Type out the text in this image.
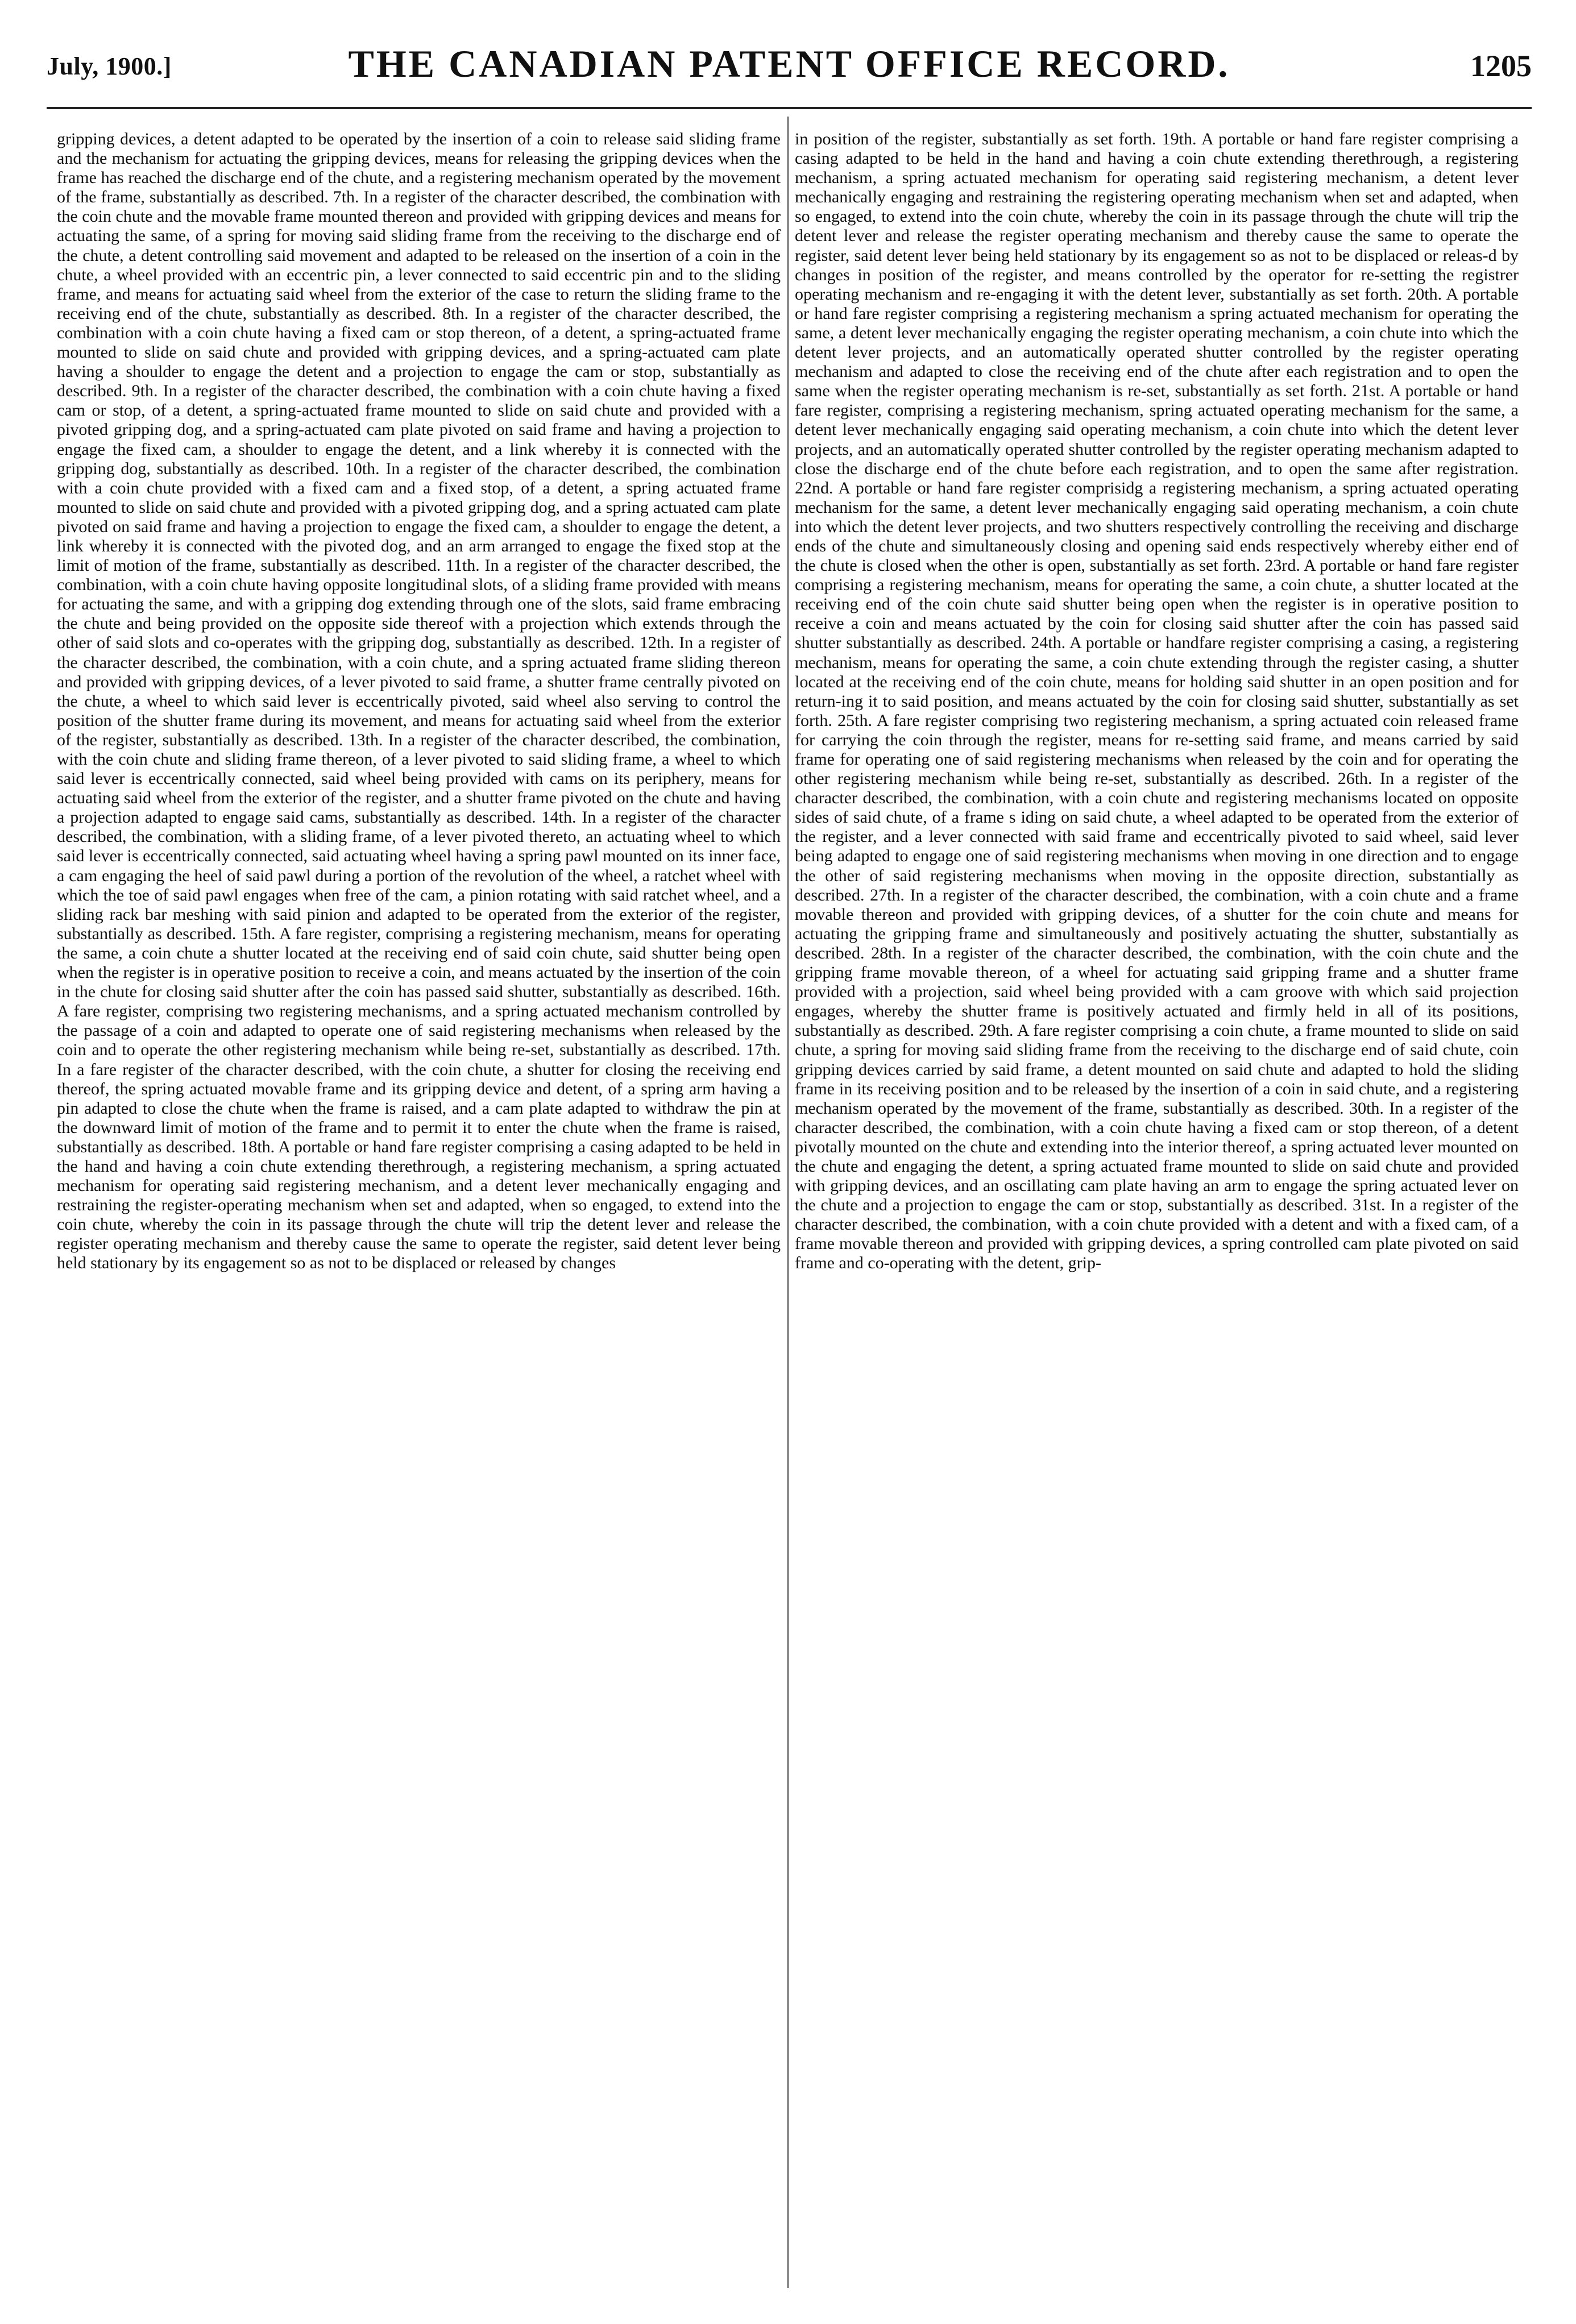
July, 1900.]	THE CANADIAN PATENT OFFICE RECORD.	1205

gripping devices, a detent adapted to be operated by the insertion of a coin to release said sliding frame and the mechanism for actuating the gripping devices, means for releasing the gripping devices when the frame has reached the discharge end of the chute, and a registering mechanism operated by the movement of the frame, substantially as described. 7th. In a register of the character described, the combination with the coin chute and the movable frame mounted thereon and provided with gripping devices and means for actuating the same, of a spring for moving said sliding frame from the receiving to the discharge end of the chute, a detent controlling said movement and adapted to be released on the insertion of a coin in the chute, a wheel provided with an eccentric pin, a lever connected to said eccentric pin and to the sliding frame, and means for actuating said wheel from the exterior of the case to return the sliding frame to the receiving end of the chute, substantially as described. 8th. In a register of the character described, the combination with a coin chute having a fixed cam or stop thereon, of a detent, a spring-actuated frame mounted to slide on said chute and provided with gripping devices, and a spring-actuated cam plate having a shoulder to engage the detent and a projection to engage the cam or stop, substantially as described. 9th. In a register of the character described, the combination with a coin chute having a fixed cam or stop, of a detent, a spring-actuated frame mounted to slide on said chute and provided with a pivoted gripping dog, and a spring-actuated cam plate pivoted on said frame and having a projection to engage the fixed cam, a shoulder to engage the detent, and a link whereby it is connected with the gripping dog, substantially as described. 10th. In a register of the character described, the combination with a coin chute provided with a fixed cam and a fixed stop, of a detent, a spring actuated frame mounted to slide on said chute and provided with a pivoted gripping dog, and a spring actuated cam plate pivoted on said frame and having a projection to engage the fixed cam, a shoulder to engage the detent, a link whereby it is connected with the pivoted dog, and an arm arranged to engage the fixed stop at the limit of motion of the frame, substantially as described. 11th. In a register of the character described, the combination, with a coin chute having opposite longitudinal slots, of a sliding frame provided with means for actuating the same, and with a gripping dog extending through one of the slots, said frame embracing the chute and being provided on the opposite side thereof with a projection which extends through the other of said slots and co-operates with the gripping dog, substantially as described. 12th. In a register of the character described, the combination, with a coin chute, and a spring actuated frame sliding thereon and provided with gripping devices, of a lever pivoted to said frame, a shutter frame centrally pivoted on the chute, a wheel to which said lever is eccentrically pivoted, said wheel also serving to control the position of the shutter frame during its movement, and means for actuating said wheel from the exterior of the register, substantially as described. 13th. In a register of the character described, the combination, with the coin chute and sliding frame thereon, of a lever pivoted to said sliding frame, a wheel to which said lever is eccentrically connected, said wheel being provided with cams on its periphery, means for actuating said wheel from the exterior of the register, and a shutter frame pivoted on the chute and having a projection adapted to engage said cams, substantially as described. 14th. In a register of the character described, the combination, with a sliding frame, of a lever pivoted thereto, an actuating wheel to which said lever is eccentrically connected, said actuating wheel having a spring pawl mounted on its inner face, a cam engaging the heel of said pawl during a portion of the revolution of the wheel, a ratchet wheel with which the toe of said pawl engages when free of the cam, a pinion rotating with said ratchet wheel, and a sliding rack bar meshing with said pinion and adapted to be operated from the exterior of the register, substantially as described. 15th. A fare register, comprising a registering mechanism, means for operating the same, a coin chute a shutter located at the receiving end of said coin chute, said shutter being open when the register is in operative position to receive a coin, and means actuated by the insertion of the coin in the chute for closing said shutter after the coin has passed said shutter, substantially as described. 16th. A fare register, comprising two registering mechanisms, and a spring actuated mechanism controlled by the passage of a coin and adapted to operate one of said registering mechanisms when released by the coin and to operate the other registering mechanism while being re-set, substantially as described. 17th. In a fare register of the character described, with the coin chute, a shutter for closing the receiving end thereof, the spring actuated movable frame and its gripping device and detent, of a spring arm having a pin adapted to close the chute when the frame is raised, and a cam plate adapted to withdraw the pin at the downward limit of motion of the frame and to permit it to enter the chute when the frame is raised, substantially as described. 18th. A portable or hand fare register comprising a casing adapted to be held in the hand and having a coin chute extending therethrough, a registering mechanism, a spring actuated mechanism for operating said registering mechanism, and a detent lever mechanically engaging and restraining the register-operating mechanism when set and adapted, when so engaged, to extend into the coin chute, whereby the coin in its passage through the chute will trip the detent lever and release the register operating mechanism and thereby cause the same to operate the register, said detent lever being held stationary by its engagement so as not to be displaced or released by changes

in position of the register, substantially as set forth. 19th. A portable or hand fare register comprising a casing adapted to be held in the hand and having a coin chute extending therethrough, a registering mechanism, a spring actuated mechanism for operating said registering mechanism, a detent lever mechanically engaging and restraining the registering operating mechanism when set and adapted, when so engaged, to extend into the coin chute, whereby the coin in its passage through the chute will trip the detent lever and release the register operating mechanism and thereby cause the same to operate the register, said detent lever being held stationary by its engagement so as not to be displaced or releas-d by changes in position of the register, and means controlled by the operator for re-setting the registrer operating mechanism and re-engaging it with the detent lever, substantially as set forth. 20th. A portable or hand fare register comprising a registering mechanism a spring actuated mechanism for operating the same, a detent lever mechanically engaging the register operating mechanism, a coin chute into which the detent lever projects, and an automatically operated shutter controlled by the register operating mechanism and adapted to close the receiving end of the chute after each registration and to open the same when the register operating mechanism is re-set, substantially as set forth. 21st. A portable or hand fare register, comprising a registering mechanism, spring actuated operating mechanism for the same, a detent lever mechanically engaging said operating mechanism, a coin chute into which the detent lever projects, and an automatically operated shutter controlled by the register operating mechanism adapted to close the discharge end of the chute before each registration, and to open the same after registration. 22nd. A portable or hand fare register comprisidg a registering mechanism, a spring actuated operating mechanism for the same, a detent lever mechanically engaging said operating mechanism, a coin chute into which the detent lever projects, and two shutters respectively controlling the receiving and discharge ends of the chute and simultaneously closing and opening said ends respectively whereby either end of the chute is closed when the other is open, substantially as set forth. 23rd. A portable or hand fare register comprising a registering mechanism, means for operating the same, a coin chute, a shutter located at the receiving end of the coin chute said shutter being open when the register is in operative position to receive a coin and means actuated by the coin for closing said shutter after the coin has passed said shutter substantially as described. 24th. A portable or handfare register comprising a casing, a registering mechanism, means for operating the same, a coin chute extending through the register casing, a shutter located at the receiving end of the coin chute, means for holding said shutter in an open position and for return-ing it to said position, and means actuated by the coin for closing said shutter, substantially as set forth. 25th. A fare register comprising two registering mechanism, a spring actuated coin released frame for carrying the coin through the register, means for re-setting said frame, and means carried by said frame for operating one of said registering mechanisms when released by the coin and for operating the other registering mechanism while being re-set, substantially as described. 26th. In a register of the character described, the combination, with a coin chute and registering mechanisms located on opposite sides of said chute, of a frame s iding on said chute, a wheel adapted to be operated from the exterior of the register, and a lever connected with said frame and eccentrically pivoted to said wheel, said lever being adapted to engage one of said registering mechanisms when moving in one direction and to engage the other of said registering mechanisms when moving in the opposite direction, substantially as described. 27th. In a register of the character described, the combination, with a coin chute and a frame movable thereon and provided with gripping devices, of a shutter for the coin chute and means for actuating the gripping frame and simultaneously and positively actuating the shutter, substantially as described. 28th. In a register of the character described, the combination, with the coin chute and the gripping frame movable thereon, of a wheel for actuating said gripping frame and a shutter frame provided with a projection, said wheel being provided with a cam groove with which said projection engages, whereby the shutter frame is positively actuated and firmly held in all of its positions, substantially as described. 29th. A fare register comprising a coin chute, a frame mounted to slide on said chute, a spring for moving said sliding frame from the receiving to the discharge end of said chute, coin gripping devices carried by said frame, a detent mounted on said chute and adapted to hold the sliding frame in its receiving position and to be released by the insertion of a coin in said chute, and a registering mechanism operated by the movement of the frame, substantially as described. 30th. In a register of the character described, the combination, with a coin chute having a fixed cam or stop thereon, of a detent pivotally mounted on the chute and extending into the interior thereof, a spring actuated lever mounted on the chute and engaging the detent, a spring actuated frame mounted to slide on said chute and provided with gripping devices, and an oscillating cam plate having an arm to engage the spring actuated lever on the chute and a projection to engage the cam or stop, substantially as described. 31st. In a register of the character described, the combination, with a coin chute provided with a detent and with a fixed cam, of a frame movable thereon and provided with gripping devices, a spring controlled cam plate pivoted on said frame and co-operating with the detent, grip-
